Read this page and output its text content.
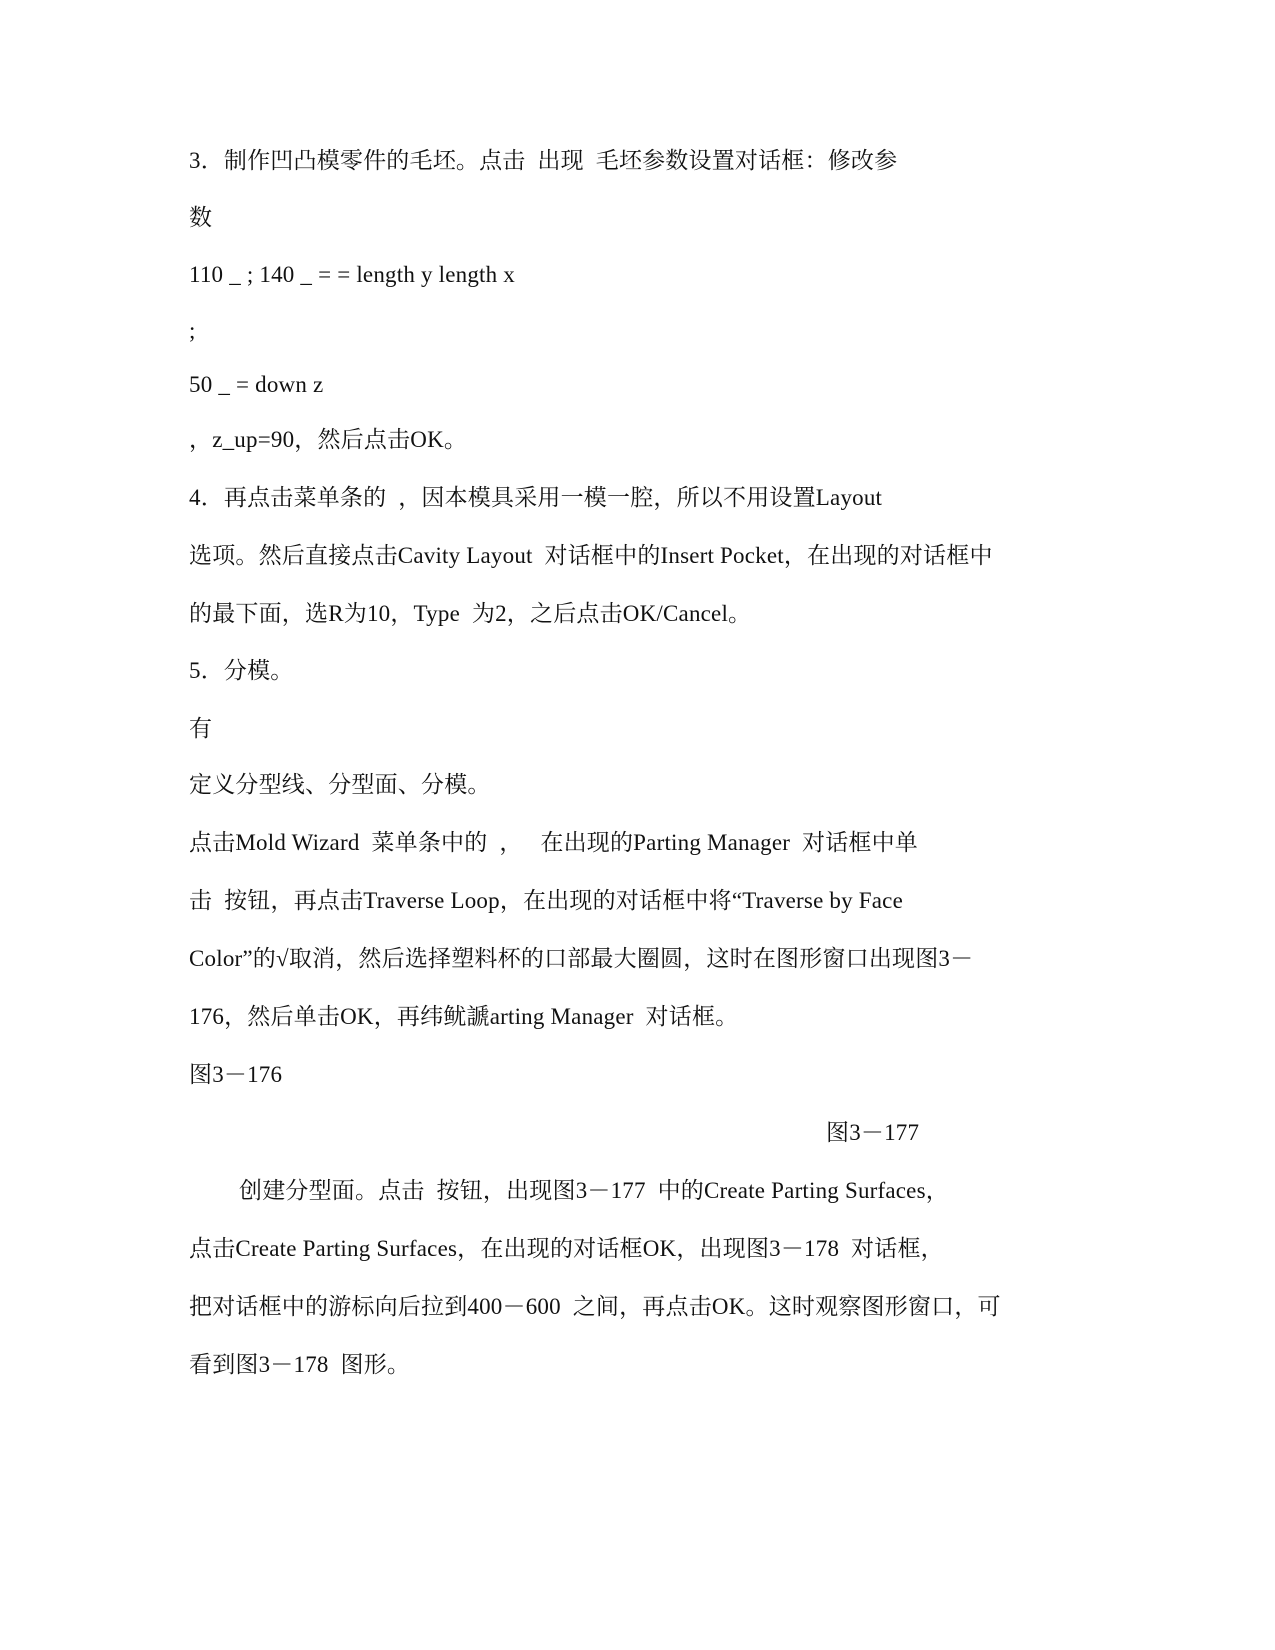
3．制作凹凸模零件的毛坯。点击  出现  毛坯参数设置对话框：修改参
数
110 _ ; 140 _ = = length y length x
;
50 _ = down z
，z_up=90，然后点击OK。
4．再点击菜单条的  ，因本模具采用一模一腔，所以不用设置Layout
选项。然后直接点击Cavity Layout  对话框中的Insert Pocket，在出现的对话框中
的最下面，选R为10，Type  为2，之后点击OK/Cancel。
5．分模。
有
定义分型线、分型面、分模。
点击Mold Wizard  菜单条中的  ，   在出现的Parting Manager  对话框中单
击  按钮，再点击Traverse Loop，在出现的对话框中将“Traverse by Face
Color”的√取消，然后选择塑料杯的口部最大圈圆，这时在图形窗口出现图3－
176，然后单击OK，再纬鱿謕arting Manager  对话框。
图3－176
图3－177
创建分型面。点击  按钮，出现图3－177  中的Create Parting Surfaces，
点击Create Parting Surfaces，在出现的对话框OK，出现图3－178  对话框，
把对话框中的游标向后拉到400－600  之间，再点击OK。这时观察图形窗口，可
看到图3－178  图形。
